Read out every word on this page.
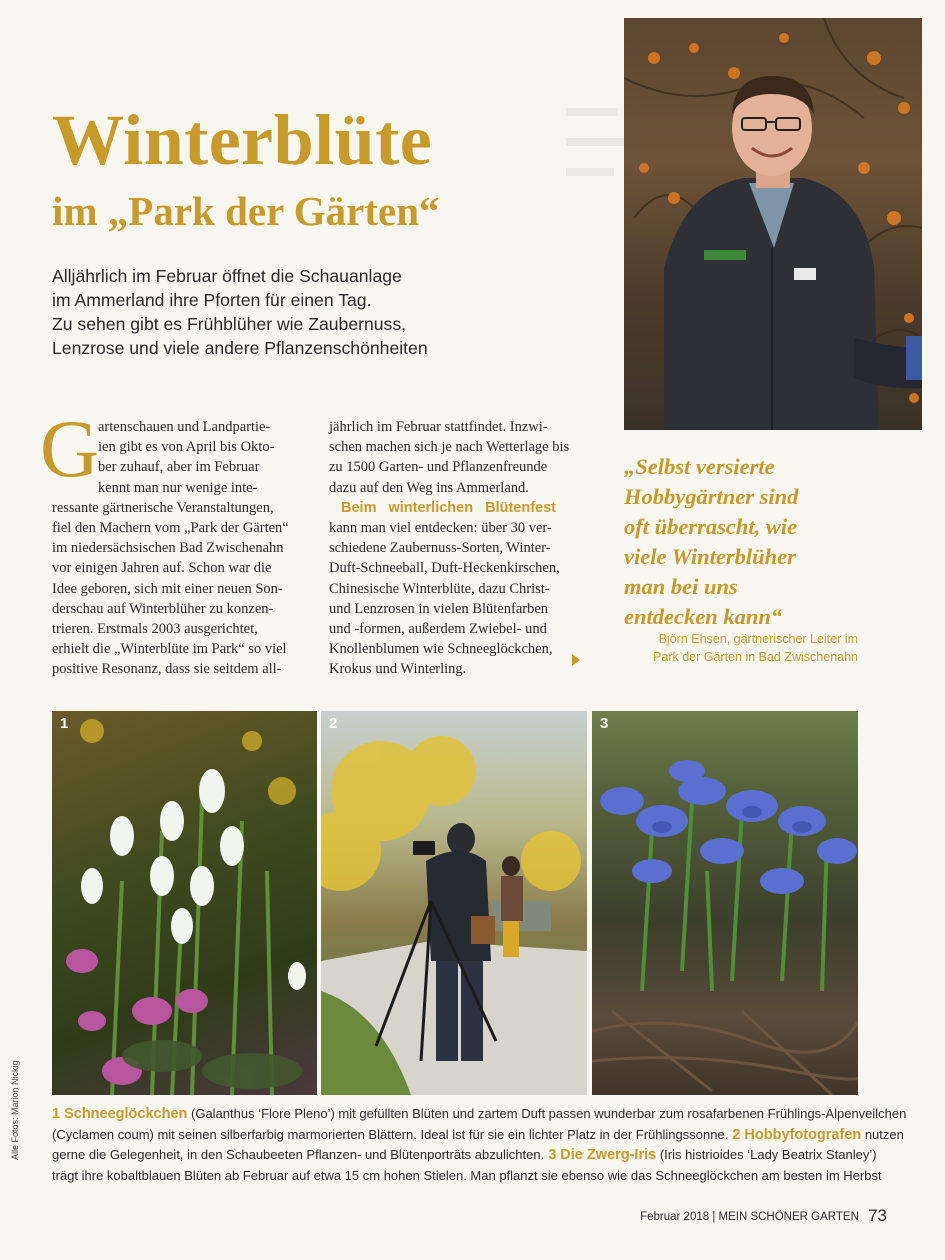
Winterblüte
im „Park der Gärten“
Alljährlich im Februar öffnet die Schauanlage
im Ammerland ihre Pforten für einen Tag.
Zu sehen gibt es Frühblüher wie Zaubernuss,
Lenzrose und viele andere Pflanzenschönheiten
G
artenschauen und Landpartie-
ien gibt es von April bis Okto-
ber zuhauf, aber im Februar
kennt man nur wenige inte-
ressante gärtnerische Veranstaltungen,
fiel den Machern vom „Park der Gärten“
im niedersächsischen Bad Zwischenahn
vor einigen Jahren auf. Schon war die
Idee geboren, sich mit einer neuen Son-
derschau auf Winterblüher zu konzen-
trieren. Erstmals 2003 ausgerichtet,
erhielt die „Winterblüte im Park“ so viel
positive Resonanz, dass sie seitdem all-
jährlich im Februar stattfindet. Inzwi-
schen machen sich je nach Wetterlage bis
zu 1500 Garten- und Pflanzenfreunde
dazu auf den Weg ins Ammerland.
Beim winterlichen Blütenfest
kann man viel entdecken: über 30 ver-
schiedene Zaubernuss-Sorten, Winter-
Duft-Schneeball, Duft-Heckenkirschen,
Chinesische Winterblüte, dazu Christ-
und Lenzrosen in vielen Blütenfarben
und -formen, außerdem Zwiebel- und
Knollenblumen wie Schneeglöckchen,
Krokus und Winterling.
„Selbst versierte
Hobbygärtner sind
oft überrascht, wie
viele Winterblüher
man bei uns
entdecken kann“
Björn Ehsen, gärtnerischer Leiter im
Park der Gärten in Bad Zwischenahn
1	2	3
Alle Fotos: Marion Nickig 1 Schneeglöckchen (Galanthus ‘Flore Pleno’) mit gefüllten Blüten und zartem Duft passen wunderbar zum rosafarbenen Frühlings-Alpenveilchen
(Cyclamen coum) mit seinen silberfarbig marmorierten Blättern. Ideal ist für sie ein lichter Platz in der Frühlingssonne. 2 Hobbyfotografen nutzen
gerne die Gelegenheit, in den Schaubeeten Pflanzen- und Blütenporträts abzulichten. 3 Die Zwerg-Iris (Iris histrioides ‘Lady Beatrix Stanley’)
trägt ihre kobaltblauen Blüten ab Februar auf etwa 15 cm hohen Stielen. Man pflanzt sie ebenso wie das Schneeglöckchen am besten im Herbst
Februar 2018 | MEIN SCHÖNER GARTEN 73
